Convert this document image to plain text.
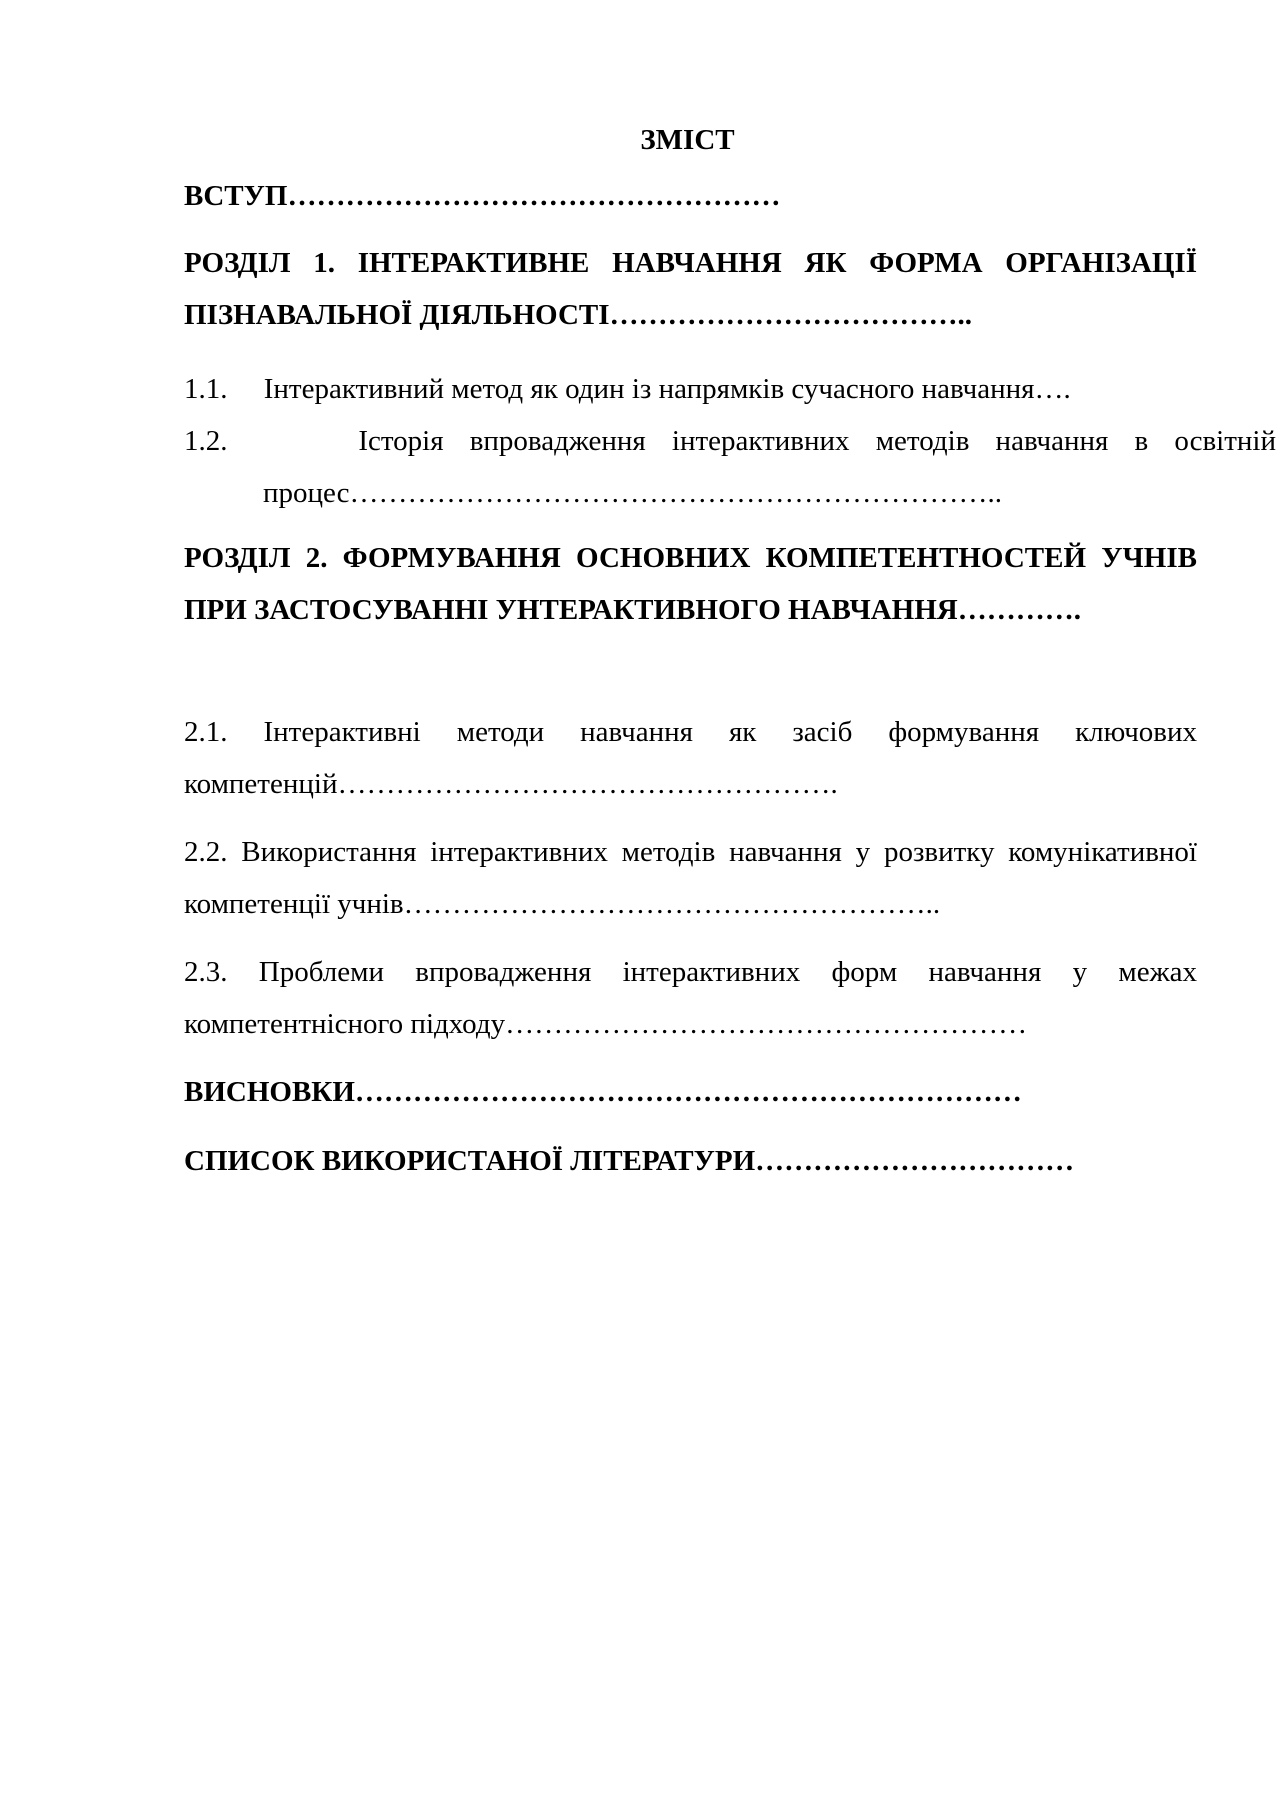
ЗМІСТ
ВСТУП……………………………………………
РОЗДІЛ 1. ІНТЕРАКТИВНЕ НАВЧАННЯ ЯК ФОРМА ОРГАНІЗАЦІЇ ПІЗНАВАЛЬНОЇ ДІЯЛЬНОСТІ………………………………..
1.1.     Інтерактивний метод як один із напрямків сучасного навчання….
1.2.     Історія впровадження інтерактивних методів навчання в освітній процес…………………………………………………………..
РОЗДІЛ 2. ФОРМУВАННЯ ОСНОВНИХ КОМПЕТЕНТНОСТЕЙ УЧНІВ ПРИ ЗАСТОСУВАННІ УНТЕРАКТИВНОГО НАВЧАННЯ………….
2.1. Інтерактивні методи навчання як засіб формування ключових компетенцій…………………………………………….
2.2. Використання інтерактивних методів навчання у розвитку комунікативної компетенції учнів………………………………………………..
2.3. Проблеми впровадження інтерактивних форм навчання у межах компетентнісного підходу………………………………………………
ВИСНОВКИ……………………………………………………………
СПИСОК ВИКОРИСТАНОЇ ЛІТЕРАТУРИ……………………………
